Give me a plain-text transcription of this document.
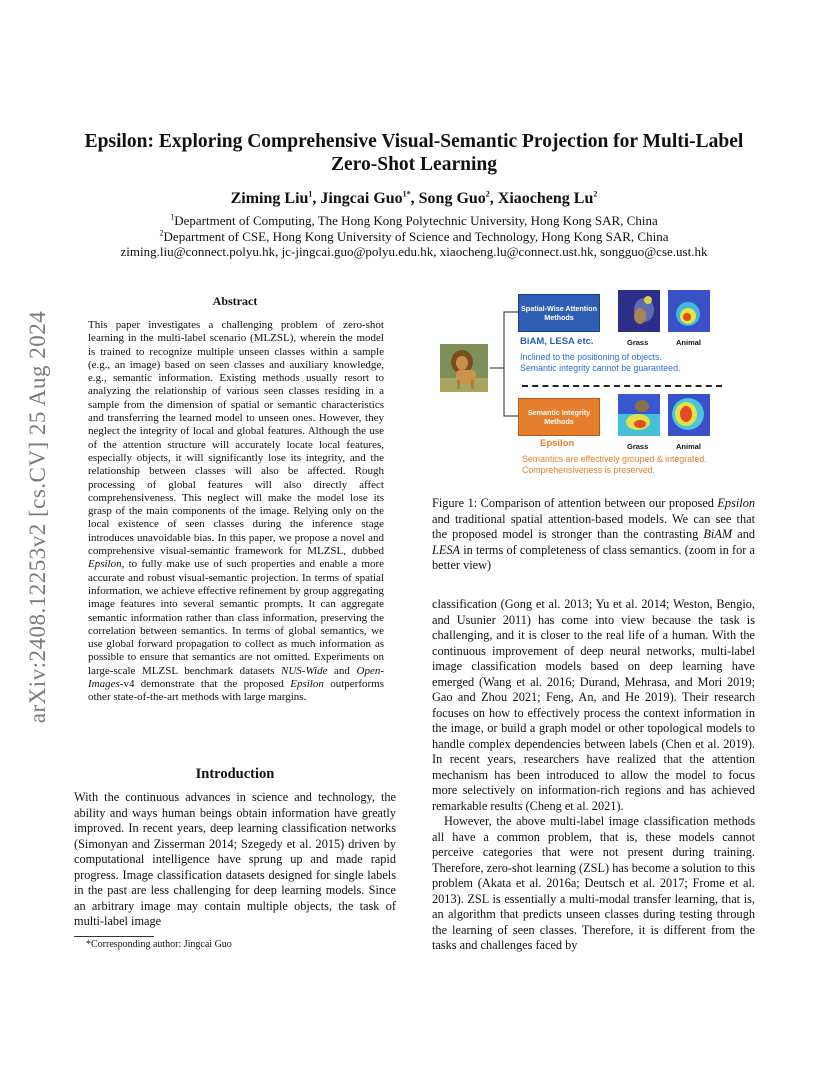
arXiv:2408.12253v2 [cs.CV] 25 Aug 2024
Epsilon: Exploring Comprehensive Visual-Semantic Projection for Multi-Label Zero-Shot Learning
Ziming Liu$^1$, Jingcai Guo$^{1*}$, Song Guo$^2$, Xiaocheng Lu$^2$
$^1$Department of Computing, The Hong Kong Polytechnic University, Hong Kong SAR, China
$^2$Department of CSE, Hong Kong University of Science and Technology, Hong Kong SAR, China
ziming.liu@connect.polyu.hk, jc-jingcai.guo@polyu.edu.hk, xiaocheng.lu@connect.ust.hk, songguo@cse.ust.hk
Abstract
This paper investigates a challenging problem of zero-shot learning in the multi-label scenario (MLZSL), wherein the model is trained to recognize multiple unseen classes within a sample (e.g., an image) based on seen classes and auxiliary knowledge, e.g., semantic information. Existing methods usually resort to analyzing the relationship of various seen classes residing in a sample from the dimension of spatial or semantic characteristics and transferring the learned model to unseen ones. However, they neglect the integrity of local and global features. Although the use of the attention structure will accurately locate local features, especially objects, it will significantly lose its integrity, and the relationship between classes will also be affected. Rough processing of global features will also directly affect comprehensiveness. This neglect will make the model lose its grasp of the main components of the image. Relying only on the local existence of seen classes during the inference stage introduces unavoidable bias. In this paper, we propose a novel and comprehensive visual-semantic framework for MLZSL, dubbed Epsilon, to fully make use of such properties and enable a more accurate and robust visual-semantic projection. In terms of spatial information, we achieve effective refinement by group aggregating image features into several semantic prompts. It can aggregate semantic information rather than class information, preserving the correlation between semantics. In terms of global semantics, we use global forward propagation to collect as much information as possible to ensure that semantics are not omitted. Experiments on large-scale MLZSL benchmark datasets NUS-Wide and Open-Images-v4 demonstrate that the proposed Epsilon outperforms other state-of-the-art methods with large margins.
Introduction
With the continuous advances in science and technology, the ability and ways human beings obtain information have greatly improved. In recent years, deep learning classification networks (Simonyan and Zisserman 2014; Szegedy et al. 2015) driven by computational intelligence have sprung up and made rapid progress. Image classification datasets designed for single labels in the past are less challenging for deep learning models. Since an arbitrary image may contain multiple objects, the task of multi-label image
*Corresponding author: Jingcai Guo
Spatial-Wise Attention Methods
Grass	Animal
BiAM, LESA etc.
Inclined to the positioning of objects.
Semantic integrity cannot be guaranteed.
Semantic Integrity Methods
Grass	Animal
Epsilon
Semantics are effectively grouped & integrated.
Comprehensiveness is preserved.
Figure 1: Comparison of attention between our proposed Epsilon and traditional spatial attention-based models. We can see that the proposed model is stronger than the contrasting BiAM and LESA in terms of completeness of class semantics. (zoom in for a better view)

classification (Gong et al. 2013; Yu et al. 2014; Weston, Bengio, and Usunier 2011) has come into view because the task is challenging, and it is closer to the real life of a human. With the continuous improvement of deep neural networks, multi-label image classification models based on deep learning have emerged (Wang et al. 2016; Durand, Mehrasa, and Mori 2019; Gao and Zhou 2021; Feng, An, and He 2019). Their research focuses on how to effectively process the context information in the image, or build a graph model or other topological models to handle complex dependencies between labels (Chen et al. 2019). In recent years, researchers have realized that the attention mechanism has been introduced to allow the model to focus more selectively on information-rich regions and has achieved remarkable results (Cheng et al. 2021).

However, the above multi-label image classification methods all have a common problem, that is, these models cannot perceive categories that were not present during training. Therefore, zero-shot learning (ZSL) has become a solution to this problem (Akata et al. 2016a; Deutsch et al. 2017; Frome et al. 2013). ZSL is essentially a multi-modal transfer learning, that is, an algorithm that predicts unseen classes during testing through the learning of seen classes. Therefore, it is different from the tasks and challenges faced by
